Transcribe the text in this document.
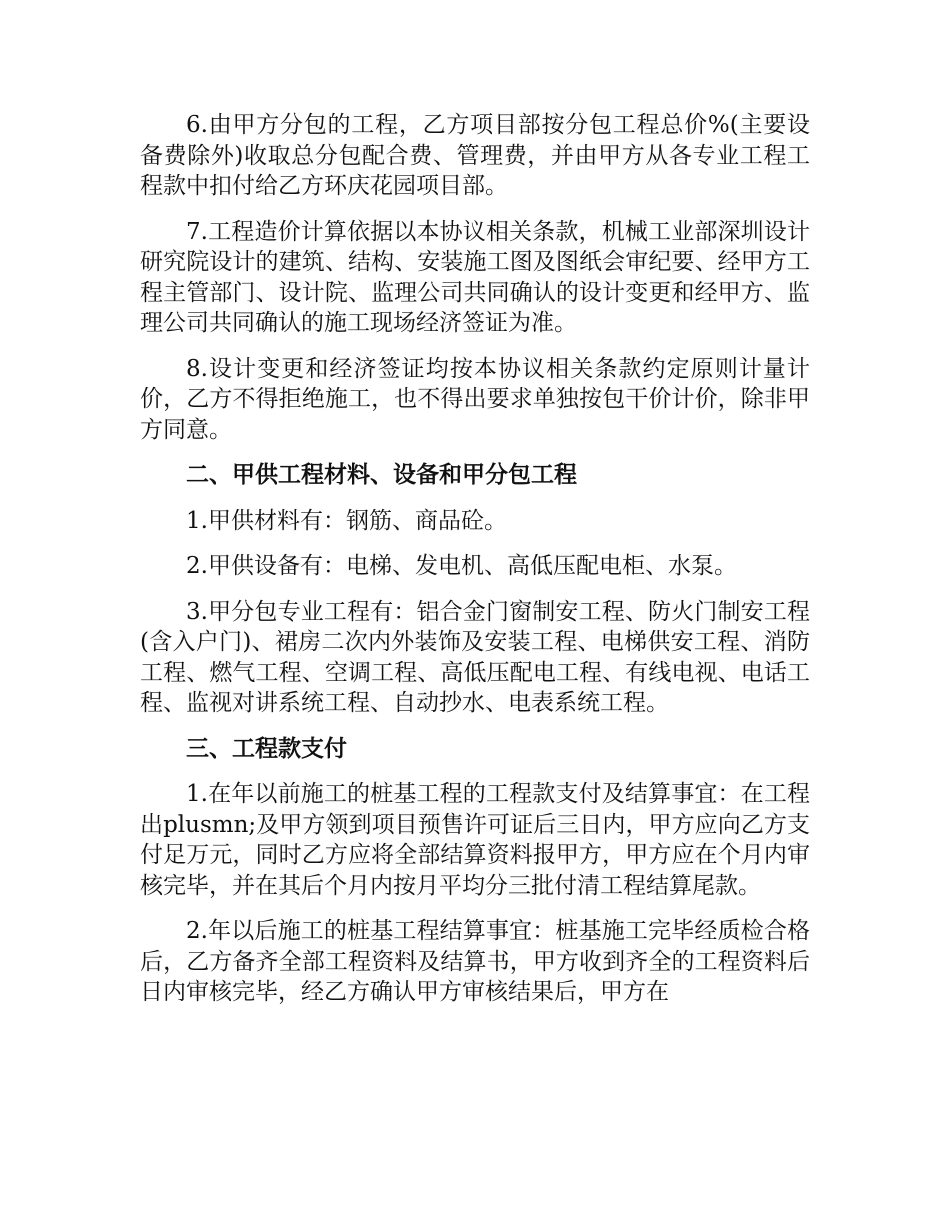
6.由甲方分包的工程，乙方项目部按分包工程总价%(主要设备费除外)收取总分包配合费、管理费，并由甲方从各专业工程工程款中扣付给乙方环庆花园项目部。

7.工程造价计算依据以本协议相关条款，机械工业部深圳设计研究院设计的建筑、结构、安装施工图及图纸会审纪要、经甲方工程主管部门、设计院、监理公司共同确认的设计变更和经甲方、监理公司共同确认的施工现场经济签证为准。

8.设计变更和经济签证均按本协议相关条款约定原则计量计价，乙方不得拒绝施工，也不得出要求单独按包干价计价，除非甲方同意。

二、甲供工程材料、设备和甲分包工程

1.甲供材料有：钢筋、商品砼。

2.甲供设备有：电梯、发电机、高低压配电柜、水泵。

3.甲分包专业工程有：铝合金门窗制安工程、防火门制安工程(含入户门)、裙房二次内外装饰及安装工程、电梯供安工程、消防工程、燃气工程、空调工程、高低压配电工程、有线电视、电话工程、监视对讲系统工程、自动抄水、电表系统工程。

三、工程款支付

1.在年以前施工的桩基工程的工程款支付及结算事宜：在工程出plusmn;及甲方领到项目预售许可证后三日内，甲方应向乙方支付足万元，同时乙方应将全部结算资料报甲方，甲方应在个月内审核完毕，并在其后个月内按月平均分三批付清工程结算尾款。

2.年以后施工的桩基工程结算事宜：桩基施工完毕经质检合格后，乙方备齐全部工程资料及结算书，甲方收到齐全的工程资料后日内审核完毕，经乙方确认甲方审核结果后，甲方在
